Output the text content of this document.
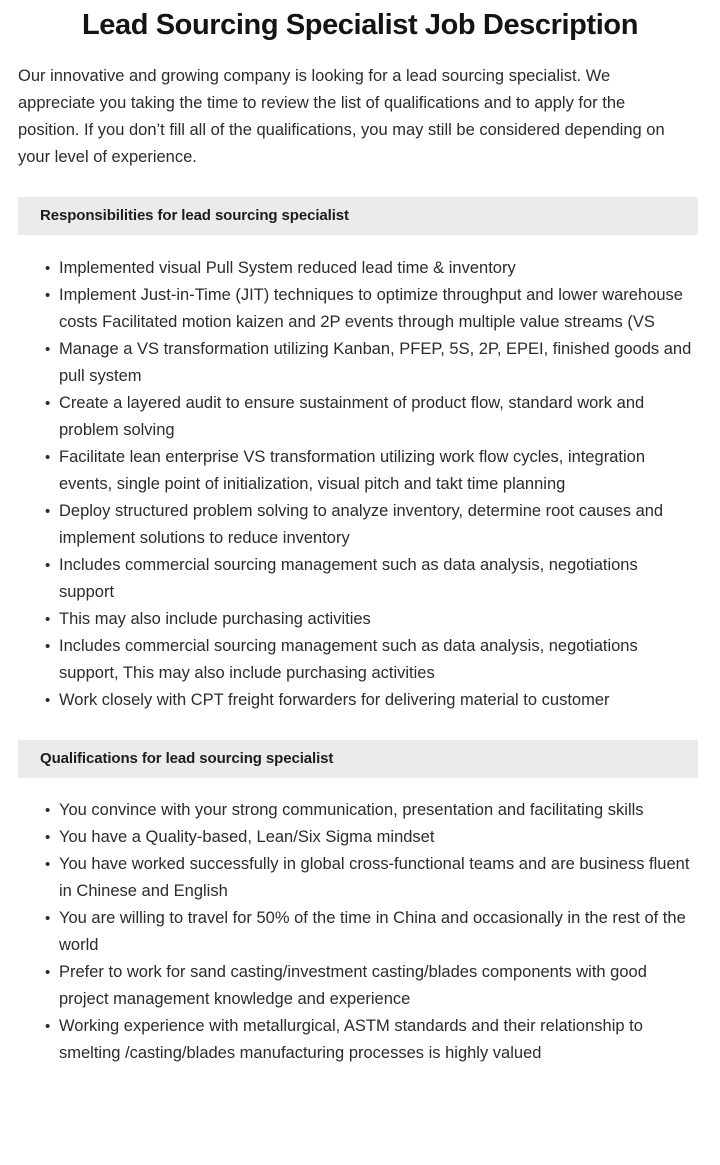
Lead Sourcing Specialist Job Description

Our innovative and growing company is looking for a lead sourcing specialist. We appreciate you taking the time to review the list of qualifications and to apply for the position. If you don’t fill all of the qualifications, you may still be considered depending on your level of experience.

Responsibilities for lead sourcing specialist
• Implemented visual Pull System reduced lead time & inventory
• Implement Just-in-Time (JIT) techniques to optimize throughput and lower warehouse costs Facilitated motion kaizen and 2P events through multiple value streams (VS
• Manage a VS transformation utilizing Kanban, PFEP, 5S, 2P, EPEI, finished goods and pull system
• Create a layered audit to ensure sustainment of product flow, standard work and problem solving
• Facilitate lean enterprise VS transformation utilizing work flow cycles, integration events, single point of initialization, visual pitch and takt time planning
• Deploy structured problem solving to analyze inventory, determine root causes and implement solutions to reduce inventory
• Includes commercial sourcing management such as data analysis, negotiations support
• This may also include purchasing activities
• Includes commercial sourcing management such as data analysis, negotiations support, This may also include purchasing activities
• Work closely with CPT freight forwarders for delivering material to customer
Qualifications for lead sourcing specialist
• You convince with your strong communication, presentation and facilitating skills
• You have a Quality-based, Lean/Six Sigma mindset
• You have worked successfully in global cross-functional teams and are business fluent in Chinese and English
• You are willing to travel for 50% of the time in China and occasionally in the rest of the world
• Prefer to work for sand casting/investment casting/blades components with good project management knowledge and experience
• Working experience with metallurgical, ASTM standards and their relationship to smelting /casting/blades manufacturing processes is highly valued
